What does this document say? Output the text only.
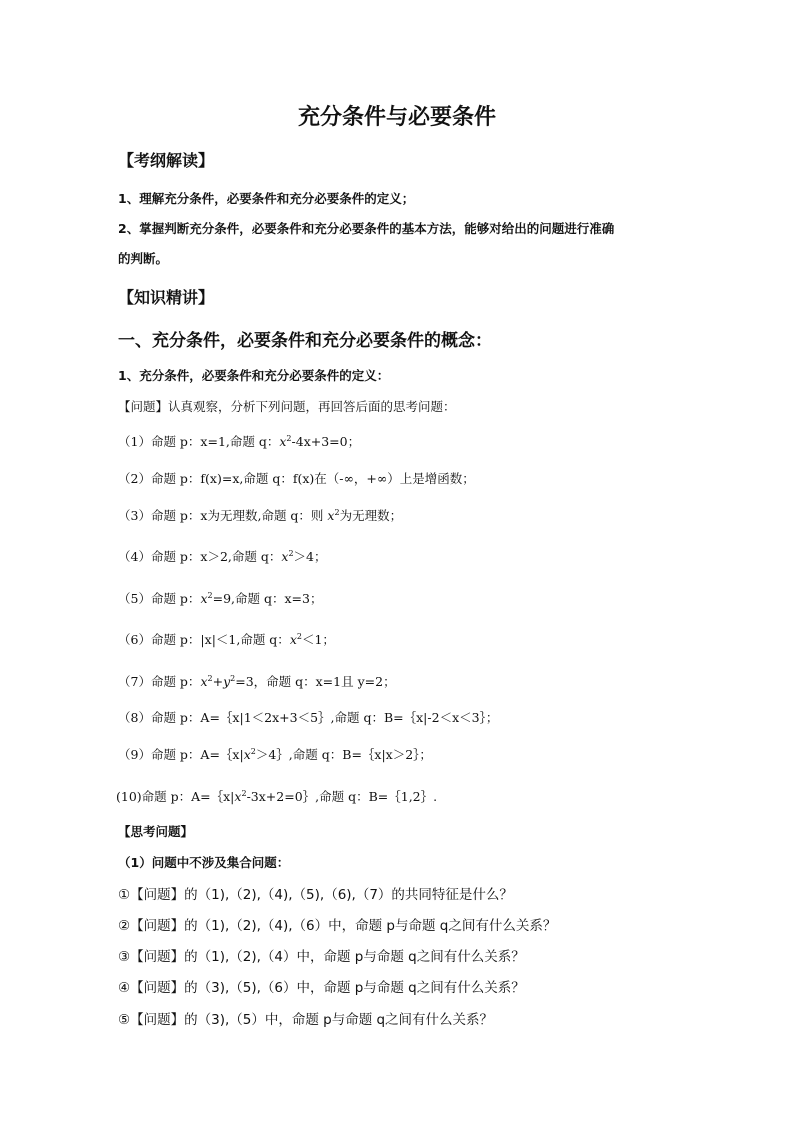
充分条件与必要条件
【考纲解读】
1、理解充分条件，必要条件和充分必要条件的定义；
2、掌握判断充分条件，必要条件和充分必要条件的基本方法，能够对给出的问题进行准确
的判断。
【知识精讲】
一、充分条件，必要条件和充分必要条件的概念：
1、充分条件，必要条件和充分必要条件的定义：
【问题】认真观察，分析下列问题，再回答后面的思考问题：
（1）命题 p：x=1,命题 q：$x^2-4x+3=0$；
（2）命题 p：f(x)=x,命题 q：f(x)在（-∞，+∞）上是增函数；
（3）命题 p：x为无理数,命题 q：则 $x^2$为无理数；
（4）命题 p：x＞2,命题 q：$x^2>4$；
（5）命题 p：$x^2=9$,命题 q：x=3；
（6）命题 p：|x|＜1,命题 q：$x^2<1$；
（7）命题 p：$x^2+y^2=3$，命题 q：x=1且 y=2；
（8）命题 p：A=｛x|1＜2x+3＜5｝,命题 q：B=｛x|-2＜x＜3｝；
（9）命题 p：$A=\{x|x^2>4\}$,命题 q：B=｛x|x＞2｝；
(10)命题 p：$A=\{x|x^2-3x+2=0\}$,命题 q：B=｛1,2｝.
【思考问题】
（1）问题中不涉及集合问题：
①【问题】的（1),（2),（4),（5),（6),（7）的共同特征是什么？
②【问题】的（1),（2),（4),（6）中，命题 p与命题 q之间有什么关系？
③【问题】的（1),（2),（4）中，命题 p与命题 q之间有什么关系？
④【问题】的（3),（5),（6）中，命题 p与命题 q之间有什么关系？
⑤【问题】的（3),（5）中，命题 p与命题 q之间有什么关系？
